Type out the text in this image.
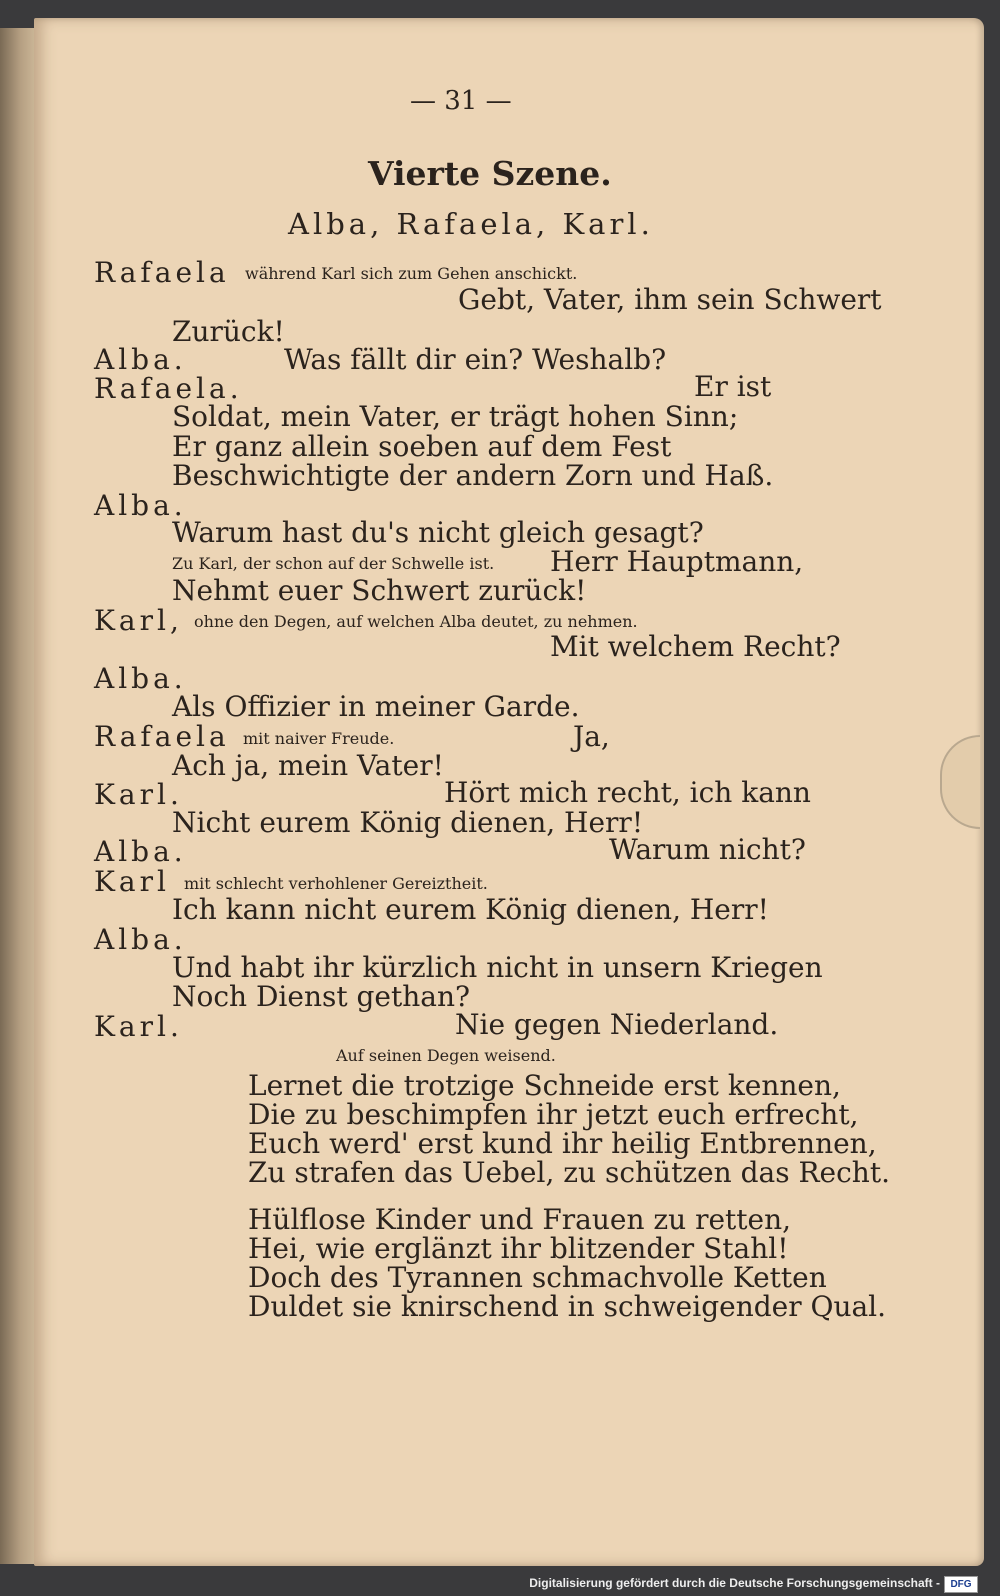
— 31 —
Vierte Szene.
Alba, Rafaela, Karl.
Rafaela während Karl sich zum Gehen anschickt.
Gebt, Vater, ihm sein Schwert
Zurück!
Alba.	Was fällt dir ein? Weshalb?
Rafaela.	Er ist
Soldat, mein Vater, er trägt hohen Sinn;
Er ganz allein soeben auf dem Fest
Beschwichtigte der andern Zorn und Haß.
Alba.
Warum hast du's nicht gleich gesagt?
Zu Karl, der schon auf der Schwelle ist. Herr Hauptmann,
Nehmt euer Schwert zurück!
Karl, ohne den Degen, auf welchen Alba deutet, zu nehmen.
Mit welchem Recht?
Alba.
Als Offizier in meiner Garde.
Rafaela mit naiver Freude.	Ja,
Ach ja, mein Vater!
Karl.	Hört mich recht, ich kann
Nicht eurem König dienen, Herr!
Alba.	Warum nicht?
Karl mit schlecht verhohlener Gereiztheit.
Ich kann nicht eurem König dienen, Herr!
Alba.
Und habt ihr kürzlich nicht in unsern Kriegen
Noch Dienst gethan?
Karl.	Nie gegen Niederland.
Auf seinen Degen weisend.
Lernet die trotzige Schneide erst kennen,
Die zu beschimpfen ihr jetzt euch erfrecht,
Euch werd' erst kund ihr heilig Entbrennen,
Zu strafen das Uebel, zu schützen das Recht.
Hülflose Kinder und Frauen zu retten,
Hei, wie erglänzt ihr blitzender Stahl!
Doch des Tyrannen schmachvolle Ketten
Duldet sie knirschend in schweigender Qual.
Digitalisierung gefördert durch die Deutsche Forschungsgemeinschaft -	DFG
